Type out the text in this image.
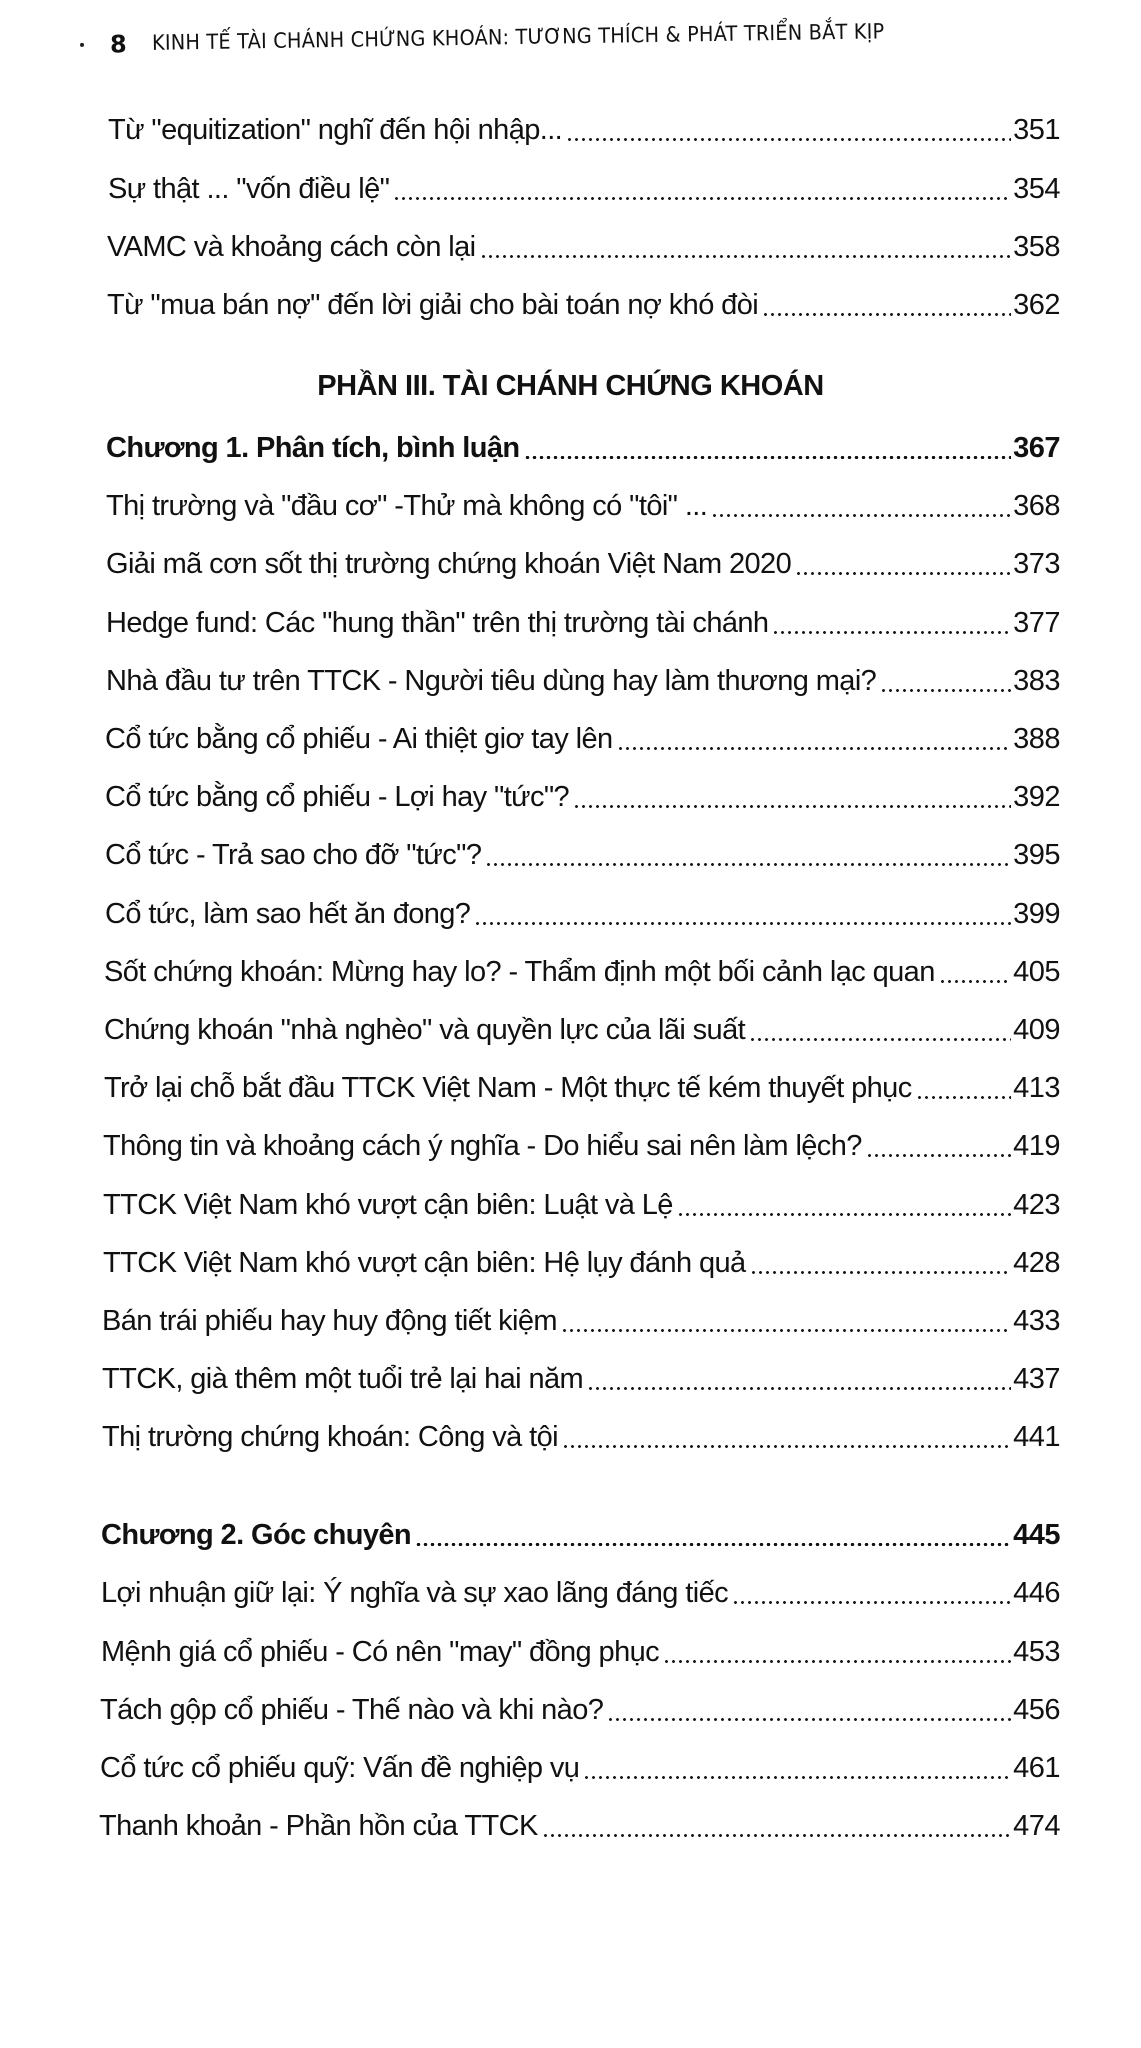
8 KINH TẾ TÀI CHÁNH CHỨNG KHOÁN: TƯƠNG THÍCH & PHÁT TRIỂN BẮT KỊP
Từ "equitization" nghĩ đến hội nhập...	351
Sự thật ... "vốn điều lệ"	354
VAMC và khoảng cách còn lại	358
Từ "mua bán nợ" đến lời giải cho bài toán nợ khó đòi	362
PHẦN III. TÀI CHÁNH CHỨNG KHOÁN
Chương 1. Phân tích, bình luận	367
Thị trường và "đầu cơ" -Thử mà không có "tôi" ...	368
Giải mã cơn sốt thị trường chứng khoán Việt Nam 2020	373
Hedge fund: Các "hung thần" trên thị trường tài chánh	377
Nhà đầu tư trên TTCK - Người tiêu dùng hay làm thương mại?	383
Cổ tức bằng cổ phiếu - Ai thiệt giơ tay lên	388
Cổ tức bằng cổ phiếu - Lợi hay "tức"?	392
Cổ tức - Trả sao cho đỡ "tức"?	395
Cổ tức, làm sao hết ăn đong?	399
Sốt chứng khoán: Mừng hay lo? - Thẩm định một bối cảnh lạc quan	405
Chứng khoán "nhà nghèo" và quyền lực của lãi suất	409
Trở lại chỗ bắt đầu TTCK Việt Nam - Một thực tế kém thuyết phục	413
Thông tin và khoảng cách ý nghĩa - Do hiểu sai nên làm lệch?	419
TTCK Việt Nam khó vượt cận biên: Luật và Lệ	423
TTCK Việt Nam khó vượt cận biên: Hệ lụy đánh quả	428
Bán trái phiếu hay huy động tiết kiệm	433
TTCK, già thêm một tuổi trẻ lại hai năm	437
Thị trường chứng khoán: Công và tội	441
Chương 2. Góc chuyên	445
Lợi nhuận giữ lại: Ý nghĩa và sự xao lãng đáng tiếc	446
Mệnh giá cổ phiếu - Có nên "may" đồng phục	453
Tách gộp cổ phiếu - Thế nào và khi nào?	456
Cổ tức cổ phiếu quỹ: Vấn đề nghiệp vụ	461
Thanh khoản - Phần hồn của TTCK	474
